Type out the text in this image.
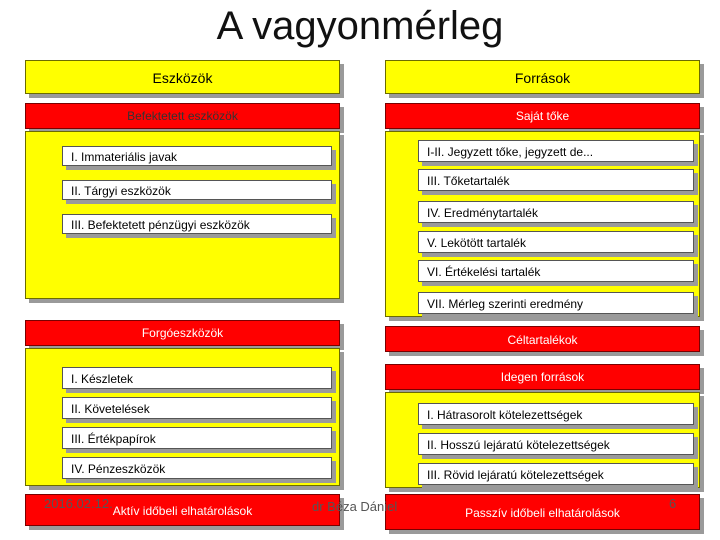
A vagyonmérleg
Eszközök	Források
Befektetett eszközök
I. Immateriális javak
II. Tárgyi eszközök
III. Befektetett pénzügyi eszközök
Forgóeszközök
I. Készletek
II. Követelések
III. Értékpapírok
IV. Pénzeszközök
Aktív időbeli elhatárolások
Saját tőke
I-II. Jegyzett tőke, jegyzett de...
III. Tőketartalék
IV. Eredménytartalék
V. Lekötött tartalék
VI. Értékelési tartalék
VII. Mérleg szerinti eredmény
Céltartalékok
Idegen források
I. Hátrasorolt kötelezettségek
II. Hosszú lejáratú kötelezettségek
III. Rövid lejáratú kötelezettségek
Passzív időbeli elhatárolások
2016.02.12.	dr Béza Dániel	6
